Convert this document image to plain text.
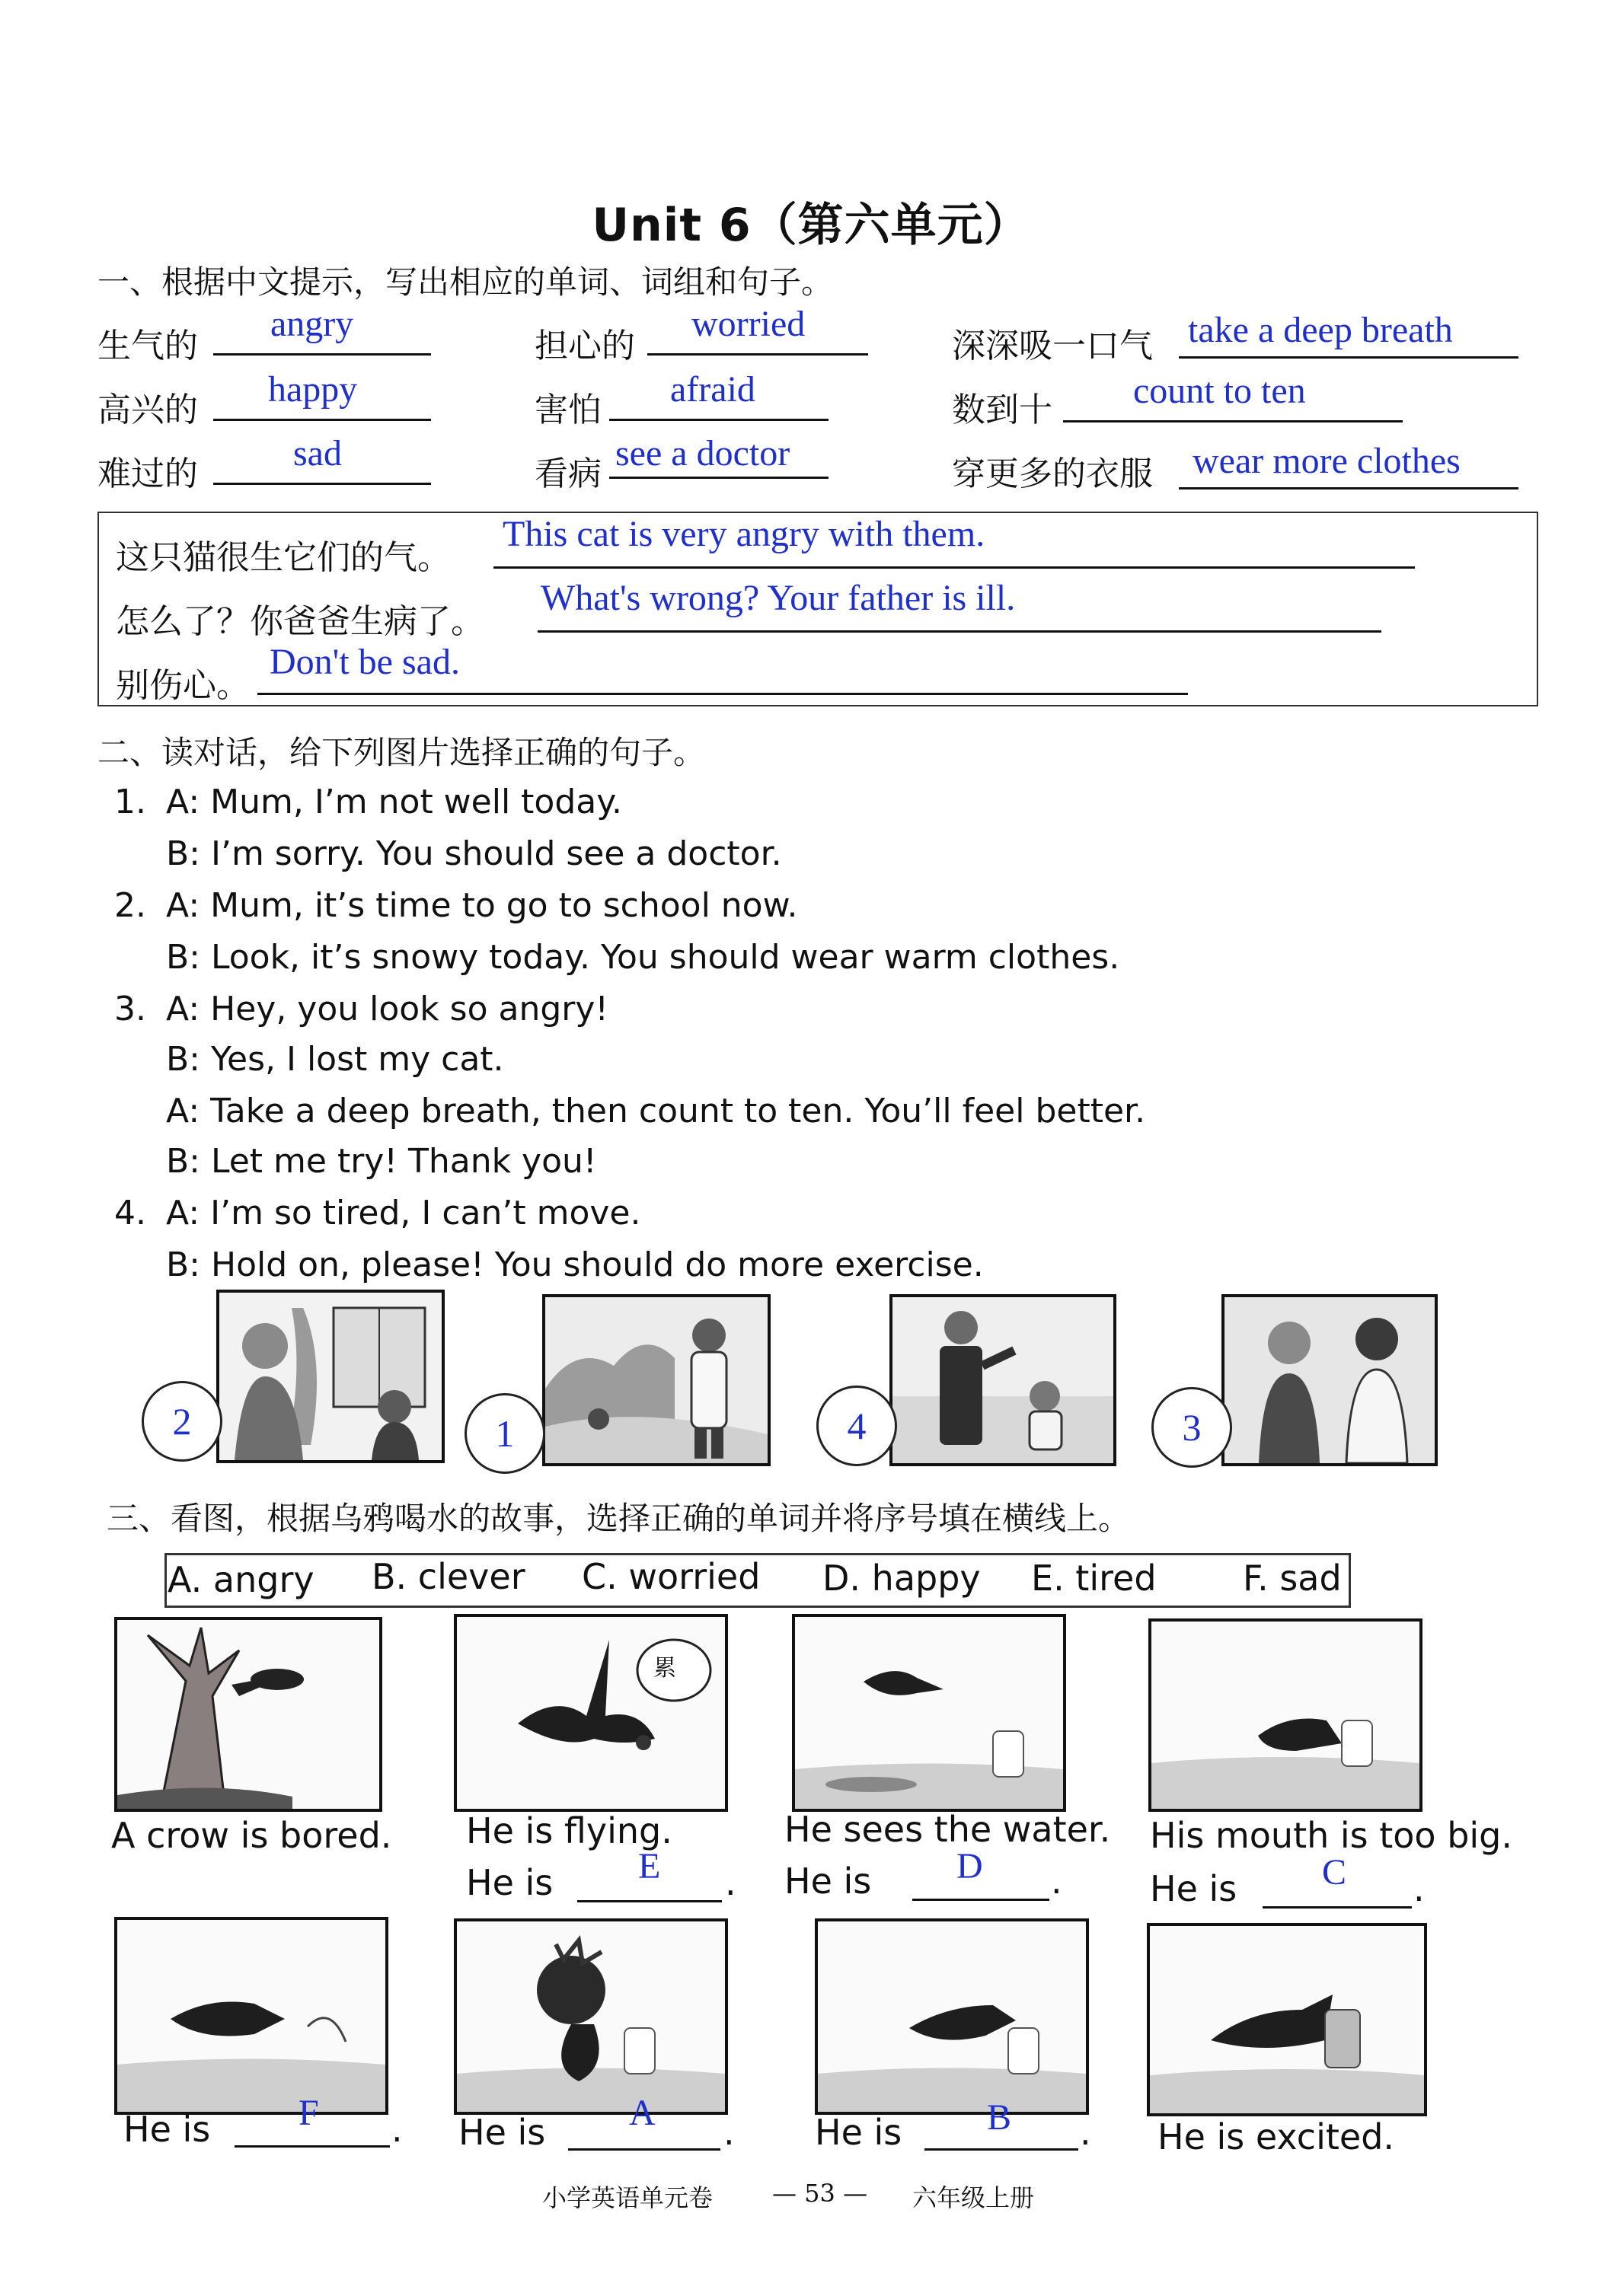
Unit 6（第六单元）
一、根据中文提示，写出相应的单词、词组和句子。
生气的
angry
担心的
worried
深深吸一口气 take a deep breath
高兴的
happy
害怕
afraid
数到十 count to ten
难过的
sad
看病
see a doctor
穿更多的衣服 wear more clothes
这只猫很生它们的气。
This cat is very angry with them.
怎么了？你爸爸生病了。
What's wrong? Your father is ill.
别伤心。
Don't be sad.
二、读对话，给下列图片选择正确的句子。
1. A: Mum, I’m not well today.
B: I’m sorry. You should see a doctor.
2. A: Mum, it’s time to go to school now.
B: Look, it’s snowy today. You should wear warm clothes.
3. A: Hey, you look so angry!
B: Yes, I lost my cat.
A: Take a deep breath, then count to ten. You’ll feel better.
B: Let me try! Thank you!
4. A: I’m so tired, I can’t move.
B: Hold on, please! You should do more exercise.
2	1	4	3
三、看图，根据乌鸦喝水的故事，选择正确的单词并将序号填在横线上。
A. angry B. clever C. worried D. happy E. tired F. sad
累
A crow is bored. He is flying.
He is	.
E
He sees the water.
He is	.
D
His mouth is too big.
He is	.
C
He is	.
F	He is	.
A	He is	.
B	He is excited.
小学英语单元卷 — 53 — 六年级上册
